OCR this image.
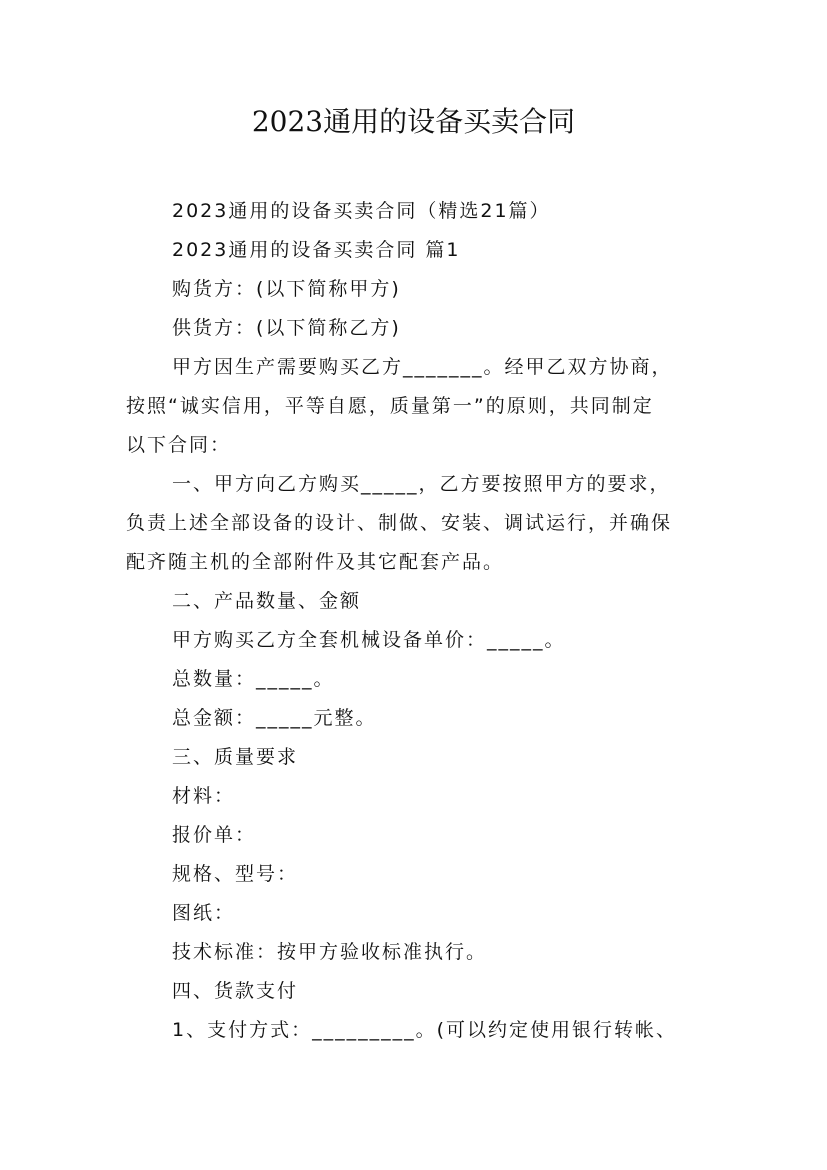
2023通用的设备买卖合同
2023通用的设备买卖合同（精选21篇）
2023通用的设备买卖合同 篇1
购货方：(以下简称甲方)
供货方：(以下简称乙方)
甲方因生产需要购买乙方_______。经甲乙双方协商，
按照“诚实信用，平等自愿，质量第一”的原则，共同制定
以下合同：
一、甲方向乙方购买_____，乙方要按照甲方的要求，
负责上述全部设备的设计、制做、安装、调试运行，并确保
配齐随主机的全部附件及其它配套产品。
二、产品数量、金额
甲方购买乙方全套机械设备单价：_____。
总数量：_____。
总金额：_____元整。
三、质量要求
材料：
报价单：
规格、型号：
图纸：
技术标准：按甲方验收标准执行。
四、货款支付
1、支付方式：_________。(可以约定使用银行转帐、
